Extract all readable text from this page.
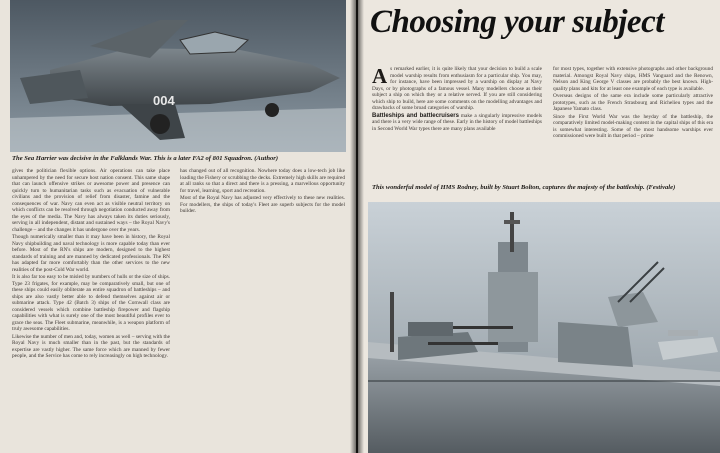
004
The Sea Harrier was decisive in the Falklands War. This is a later FA2 of 801 Squadron. (Author)

gives the politician flexible options. Air operations can take place unhampered by the need for secure host nation consent. This same shape that can launch offensive strikes or awesome power and presence can quickly turn to humanitarian tasks such as evacuation of vulnerable civilians and the provision of relief from disaster, famine and the consequences of war. Navy can even act as visible neutral territory on which conflicts can be resolved through negotiation conducted away from the eyes of the media. The Navy has always taken its duties seriously, serving in all independent, distant and sustained ways – the Royal Navy's challenge – and the changes it has undergone over the years.

Though numerically smaller than it may have been in history, the Royal Navy shipbuilding and naval technology is more capable today than ever before. Most of the RN's ships are modern, designed to the highest standards of training and are manned by dedicated professionals. The RN has adapted far more comfortably than the other services to the new realities of the post-Cold War world.

It is also far too easy to be misled by numbers of hulls or the size of ships. Type 23 frigates, for example, may be comparatively small, but one of these ships could easily obliterate an entire squadron of battleships – and ships are also vastly better able to defend themselves against air or submarine attack. Type 42 (Batch 3) ships of the Cornwall class are considered vessels which combine battleship firepower and flagship capabilities with what is surely one of the most beautiful profiles ever to grace the seas. The Fleet submarine, meanwhile, is a weapon platform of truly awesome capabilities.

Likewise the number of men and, today, women as well – serving with the Royal Navy is much smaller than in the past, but the standards of expertise are vastly higher. The same force which are manned by fewer people, and the Service has come to rely increasingly on high technology.

has changed out of all recognition. Nowhere today does a low-tech job like loading the Fishery or scrubbing the decks. Extremely high skills are required at all ranks so that a direct and there is a pressing, a marvellous opportunity for travel, learning, sport and recreation.

Most of the Royal Navy has adjusted very effectively to these new realities. For modellers, the ships of today's Fleet are superb subjects for the model builder.

Choosing your subject

As remarked earlier, it is quite likely that your decision to build a scale model warship results from enthusiasm for a particular ship. You may, for instance, have been impressed by a warship on display at Navy Days, or by photographs of a famous vessel. Many modellers choose as their subject a ship on which they or a relative served. If you are still considering which ship to build, here are some comments on the modelling advantages and drawbacks of some broad categories of warship.

Battleships and battlecruisers make a singularly impressive models and there is a very wide range of these. Early in the history of model battleships in Second World War types there are many plans available

for most types, together with extensive photographs and other background material. Amongst Royal Navy ships, HMS Vanguard and the Renown, Nelson and King George V classes are probably the best known. High-quality plans and kits for at least one example of each type is available.

Overseas designs of the same era include some particularly attractive prototypes, such as the French Strasbourg and Richelieu types and the Japanese Yamato class.

Since the First World War was the heyday of the battleship, the comparatively limited model-making content in the capital ships of this era is somewhat interesting. Some of the most handsome warships ever commissioned were built in that period – prime

This wonderful model of HMS Rodney, built by Stuart Bolton, captures the majesty of the battleship. (Festivale)
